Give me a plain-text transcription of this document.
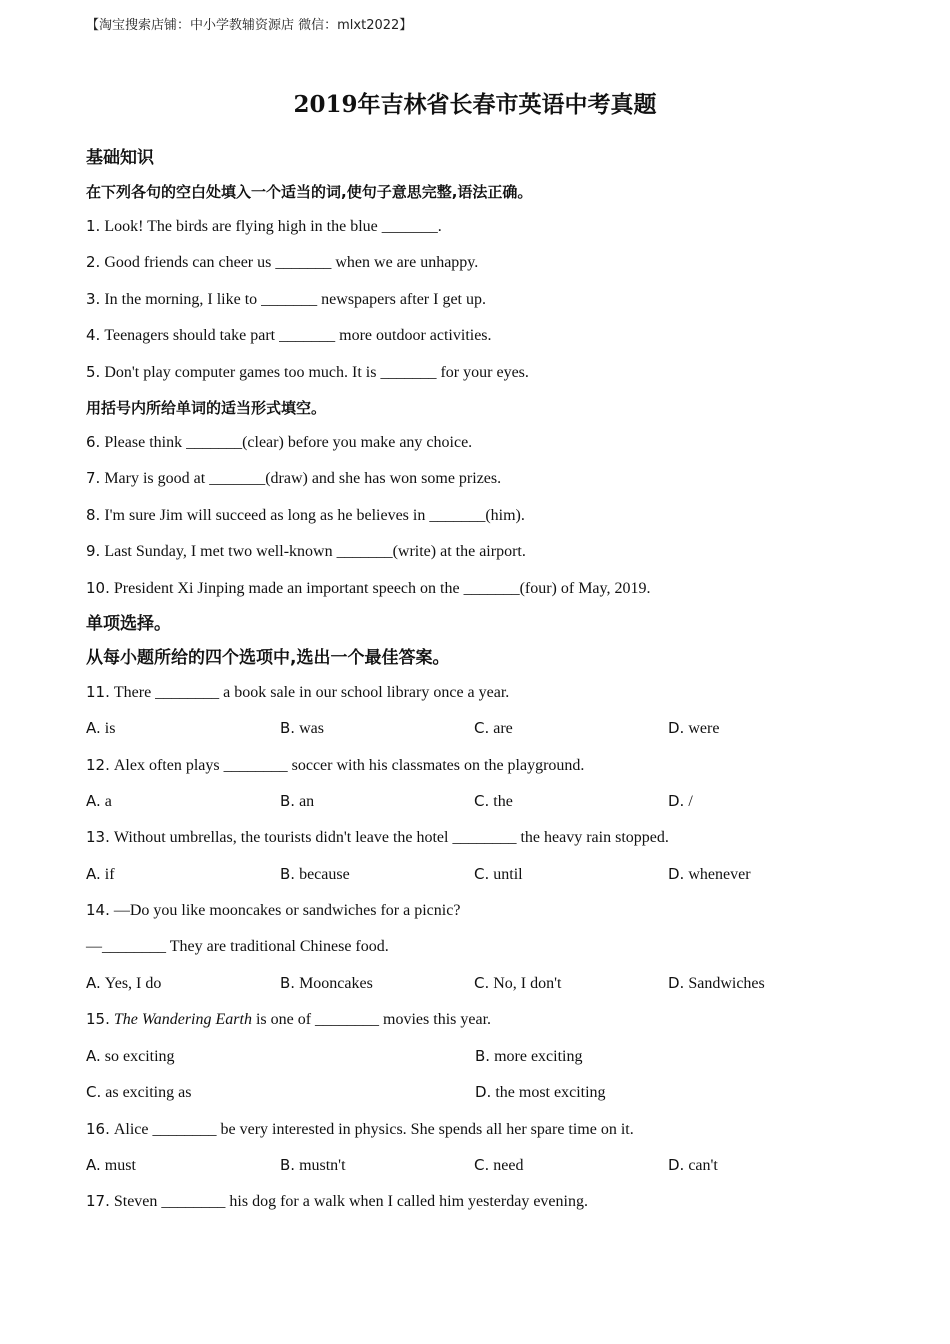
【淘宝搜索店铺：中小学教辅资源店 微信：mlxt2022】
2019年吉林省长春市英语中考真题
基础知识
在下列各句的空白处填入一个适当的词,使句子意思完整,语法正确。
1. Look! The birds are flying high in the blue _______.
2. Good friends can cheer us _______ when we are unhappy.
3. In the morning, I like to _______ newspapers after I get up.
4. Teenagers should take part _______ more outdoor activities.
5. Don't play computer games too much. It is _______ for your eyes.
用括号内所给单词的适当形式填空。
6. Please think _______(clear) before you make any choice.
7. Mary is good at _______(draw) and she has won some prizes.
8. I'm sure Jim will succeed as long as he believes in _______(him).
9. Last Sunday, I met two well-known _______(write) at the airport.
10. President Xi Jinping made an important speech on the _______(four) of May, 2019.
单项选择。
从每小题所给的四个选项中,选出一个最佳答案。
11. There ________ a book sale in our school library once a year.
A. is	B. was	C. are	D. were
12. Alex often plays ________ soccer with his classmates on the playground.
A. a	B. an	C. the	D. /
13. Without umbrellas, the tourists didn't leave the hotel ________ the heavy rain stopped.
A. if	B. because	C. until	D. whenever
14. —Do you like mooncakes or sandwiches for a picnic?
—________ They are traditional Chinese food.
A. Yes, I do	B. Mooncakes	C. No, I don't	D. Sandwiches
15. The Wandering Earth is one of ________ movies this year.
A. so exciting	B. more exciting
C. as exciting as	D. the most exciting
16. Alice ________ be very interested in physics. She spends all her spare time on it.
A. must	B. mustn't	C. need	D. can't
17. Steven ________ his dog for a walk when I called him yesterday evening.
